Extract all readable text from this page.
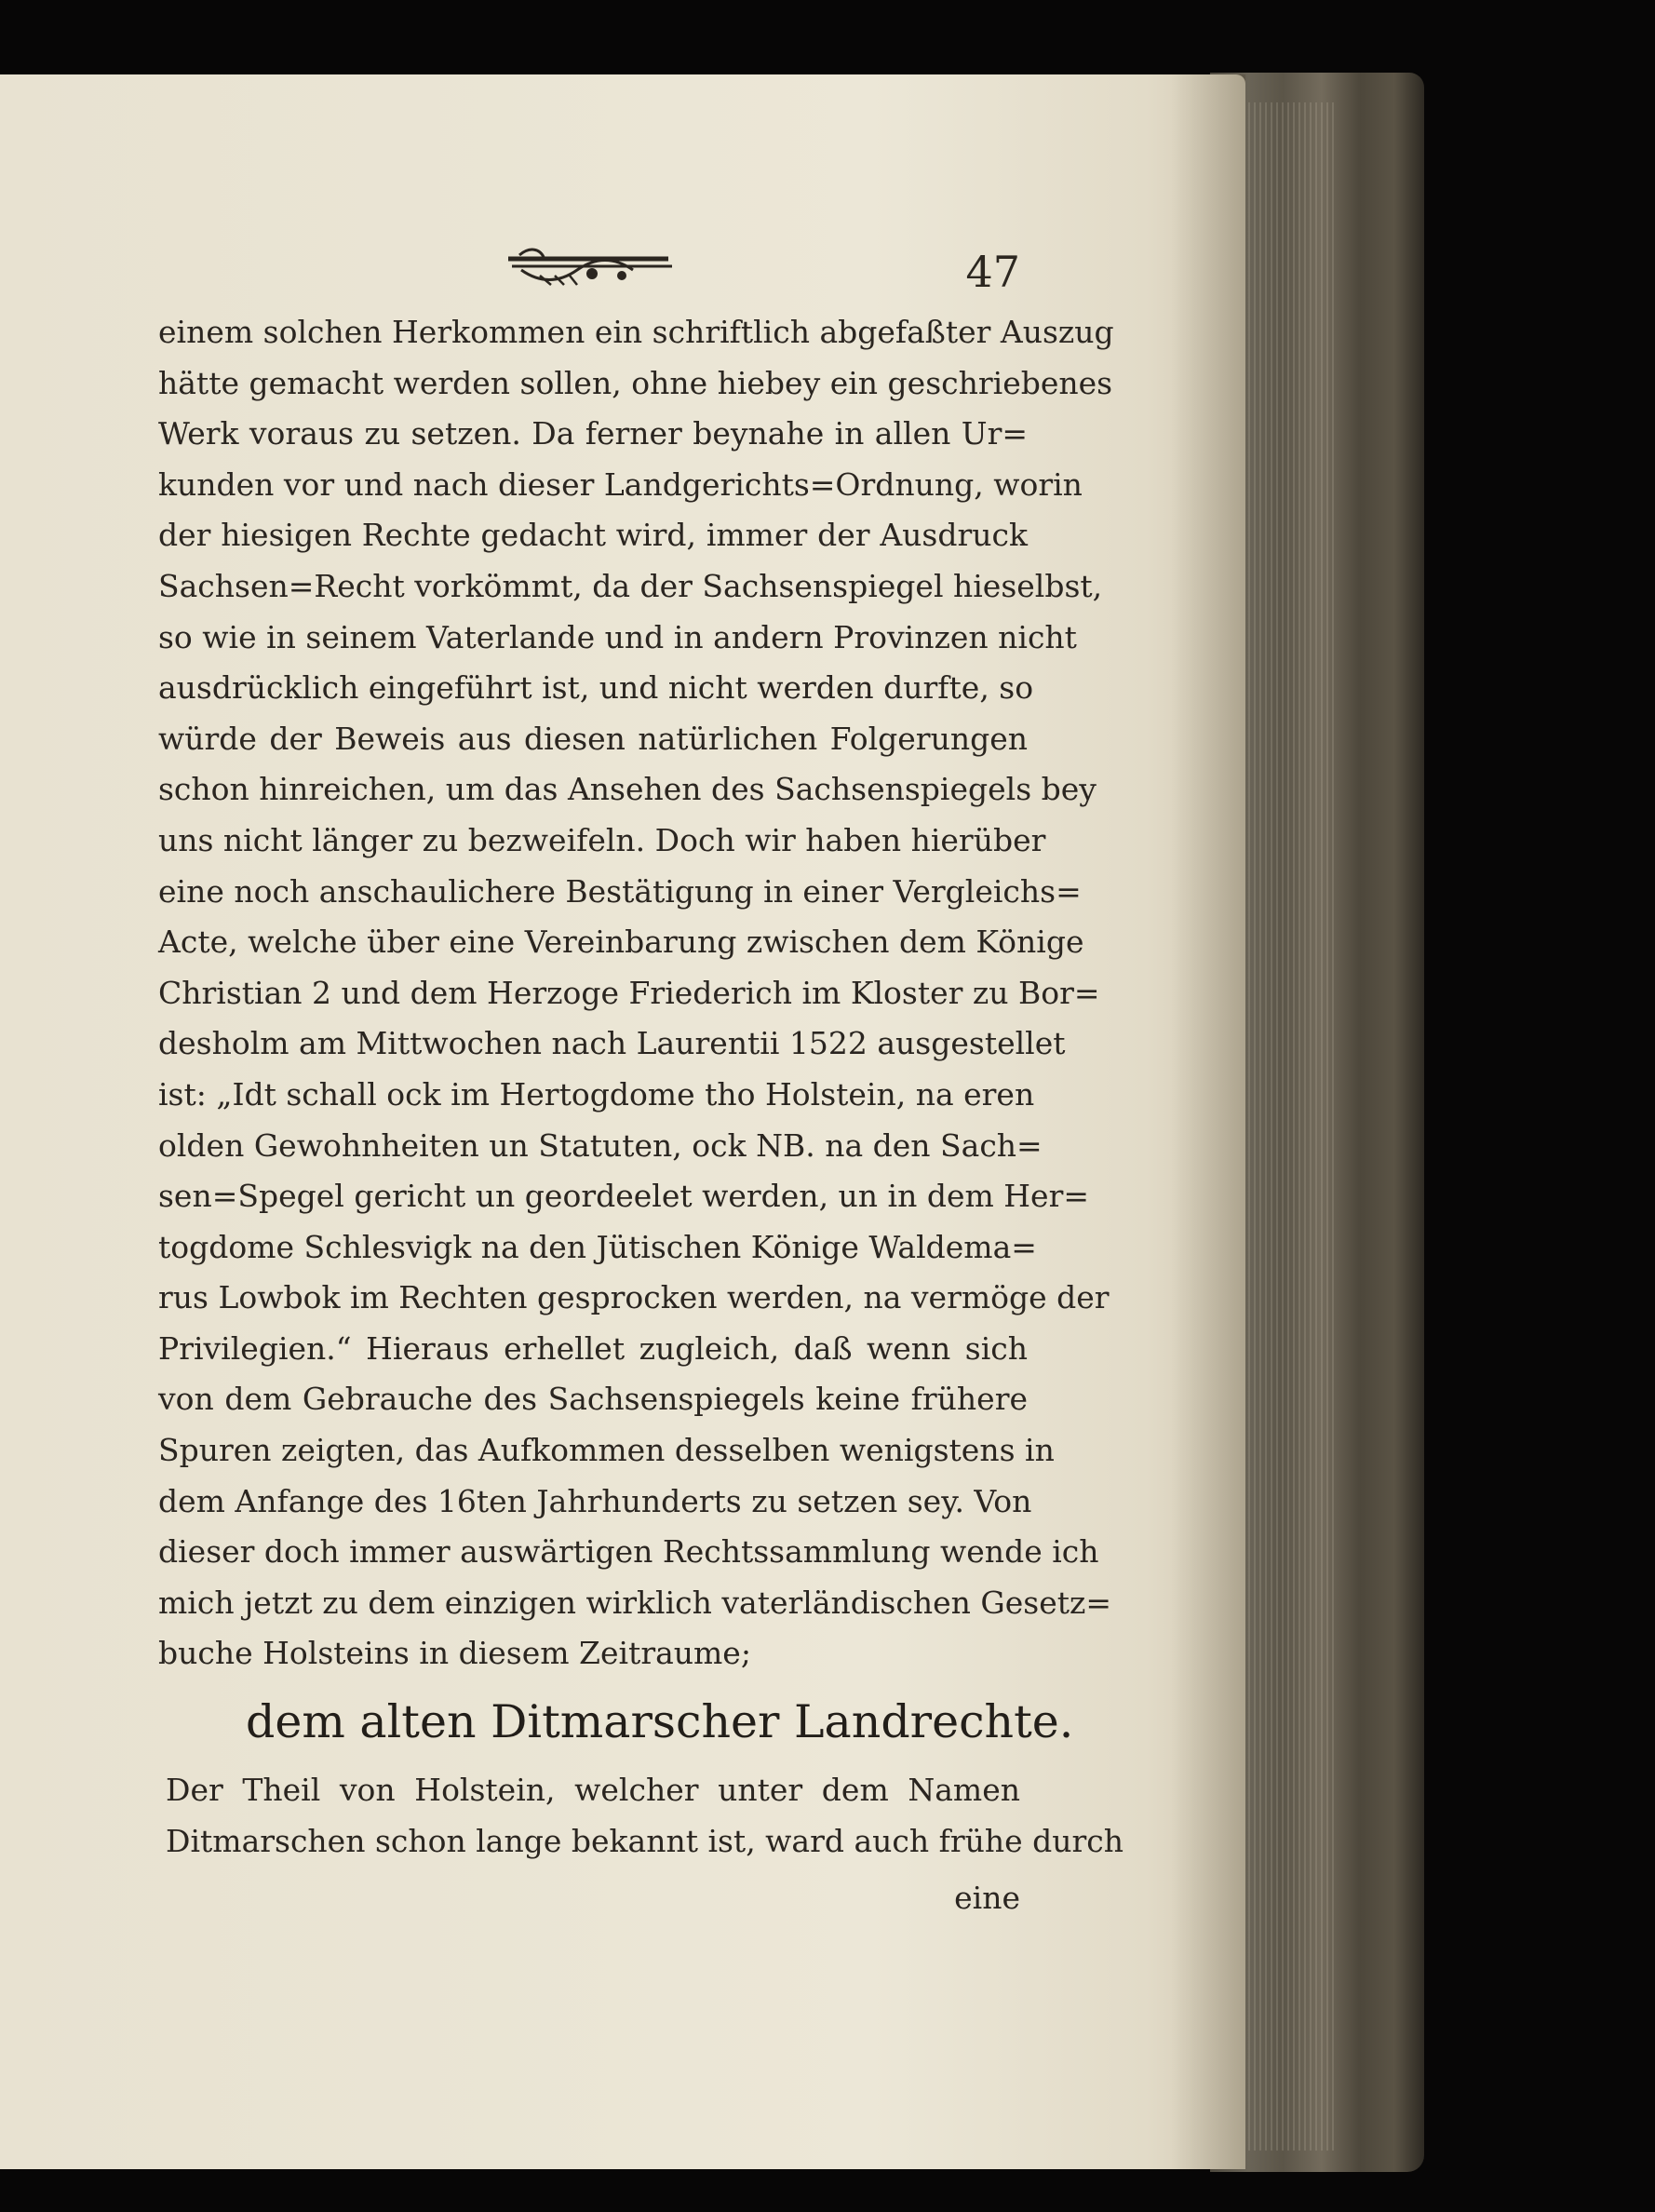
47
einem solchen Herkommen ein schriftlich abgefaßter Auszug
hätte gemacht werden sollen, ohne hiebey ein geschriebenes
Werk voraus zu setzen. Da ferner beynahe in allen Ur=
kunden vor und nach dieser Landgerichts=Ordnung, worin
der hiesigen Rechte gedacht wird, immer der Ausdruck
Sachsen=Recht vorkömmt, da der Sachsenspiegel hieselbst,
so wie in seinem Vaterlande und in andern Provinzen nicht
ausdrücklich eingeführt ist, und nicht werden durfte, so
würde der Beweis aus diesen natürlichen Folgerungen
schon hinreichen, um das Ansehen des Sachsenspiegels bey
uns nicht länger zu bezweifeln. Doch wir haben hierüber
eine noch anschaulichere Bestätigung in einer Vergleichs=
Acte, welche über eine Vereinbarung zwischen dem Könige
Christian 2 und dem Herzoge Friederich im Kloster zu Bor=
desholm am Mittwochen nach Laurentii 1522 ausgestellet
ist: „Idt schall ock im Hertogdome tho Holstein, na eren
olden Gewohnheiten un Statuten, ock NB. na den Sach=
sen=Spegel gericht un geordeelet werden, un in dem Her=
togdome Schlesvigk na den Jütischen Könige Waldema=
rus Lowbok im Rechten gesprocken werden, na vermöge der
Privilegien.“ Hieraus erhellet zugleich, daß wenn sich
von dem Gebrauche des Sachsenspiegels keine frühere
Spuren zeigten, das Aufkommen desselben wenigstens in
dem Anfange des 16ten Jahrhunderts zu setzen sey. Von
dieser doch immer auswärtigen Rechtssammlung wende ich
mich jetzt zu dem einzigen wirklich vaterländischen Gesetz=
buche Holsteins in diesem Zeitraume;
dem alten Ditmarscher Landrechte.
Der Theil von Holstein, welcher unter dem Namen
Ditmarschen schon lange bekannt ist, ward auch frühe durch
eine
